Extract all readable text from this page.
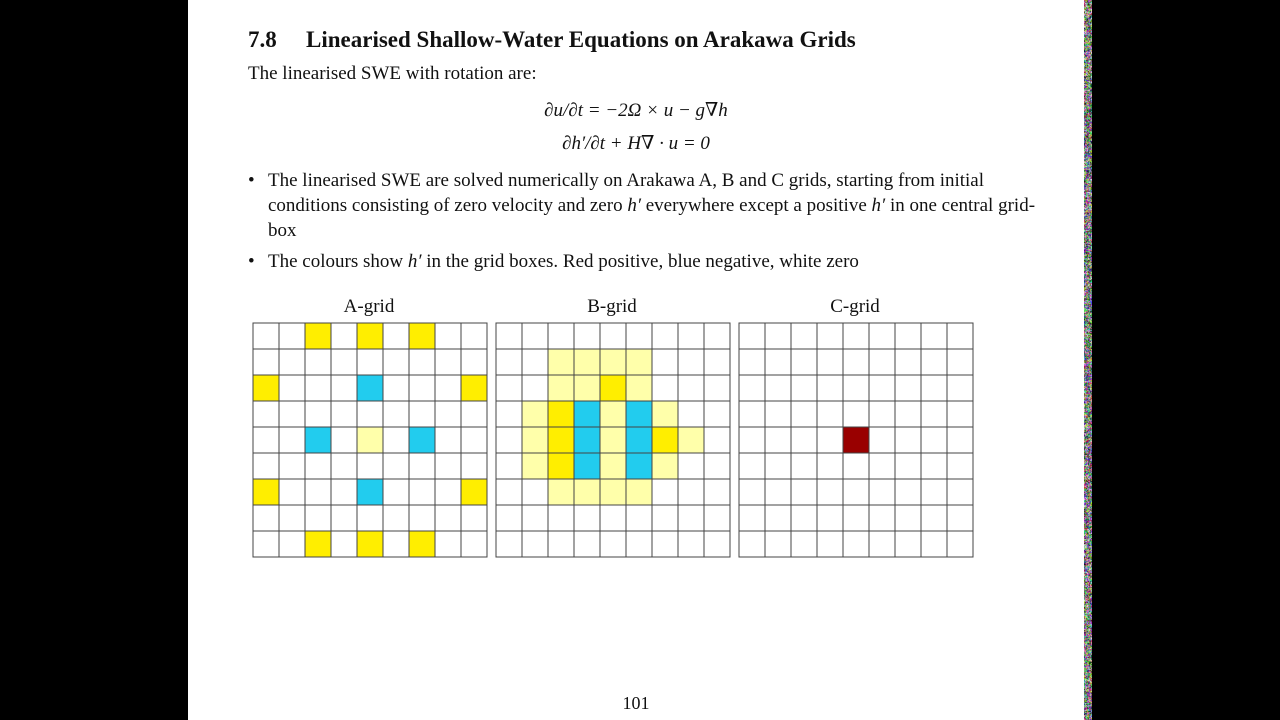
7.8 Linearised Shallow-Water Equations on Arakawa Grids
The linearised SWE with rotation are:
∂u/∂t = −2Ω × u − g∇h
∂h′/∂t + H∇ · u = 0
• The linearised SWE are solved numerically on Arakawa A, B and C grids, starting from initial conditions consisting of zero velocity and zero h′ everywhere except a positive h′ in one central grid-box
• The colours show h′ in the grid boxes. Red positive, blue negative, white zero
A-grid	B-grid	C-grid
101
